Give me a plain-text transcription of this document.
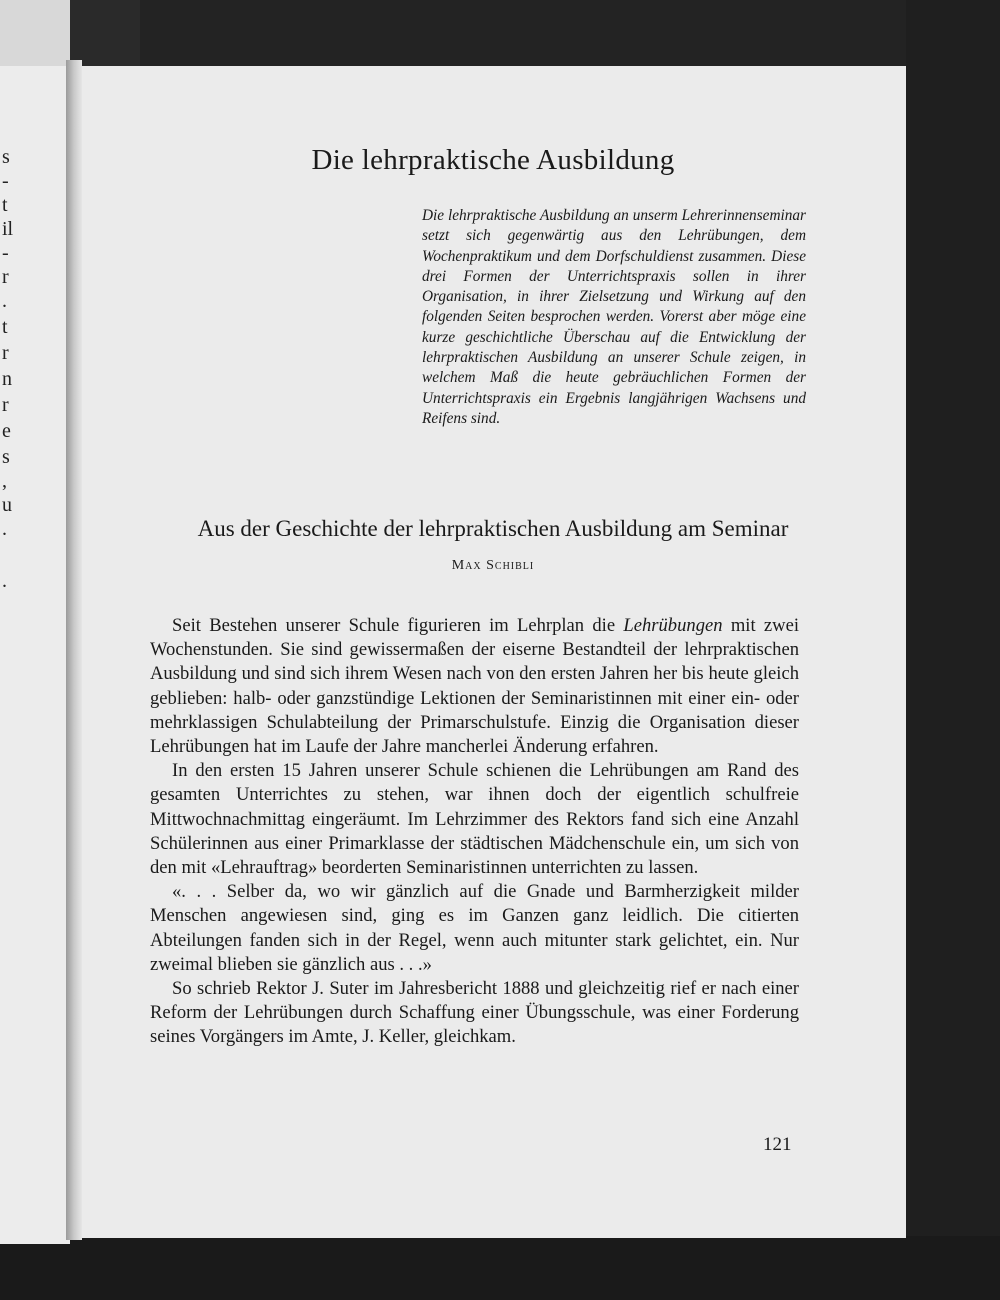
s
-
t
il
-
r
.
t
r
n
r
e
s
,
u
.
.
Die lehrpraktische Ausbildung

Die lehrpraktische Ausbildung an unserm Lehrerinnenseminar setzt sich gegenwärtig aus den Lehrübungen, dem Wochenpraktikum und dem Dorfschuldienst zusammen. Diese drei Formen der Unterrichtspraxis sollen in ihrer Organisation, in ihrer Zielsetzung und Wirkung auf den folgenden Seiten besprochen werden. Vorerst aber möge eine kurze geschichtliche Überschau auf die Entwicklung der lehrpraktischen Ausbildung an unserer Schule zeigen, in welchem Maß die heute gebräuchlichen Formen der Unterrichtspraxis ein Ergebnis langjährigen Wachsens und Reifens sind.

Aus der Geschichte der lehrpraktischen Ausbildung am Seminar
Max Schibli

Seit Bestehen unserer Schule figurieren im Lehrplan die Lehrübungen mit zwei Wochenstunden. Sie sind gewissermaßen der eiserne Bestandteil der lehrpraktischen Ausbildung und sind sich ihrem Wesen nach von den ersten Jahren her bis heute gleich geblieben: halb- oder ganzstündige Lektionen der Seminaristinnen mit einer ein- oder mehrklassigen Schulabteilung der Primarschulstufe. Einzig die Organisation dieser Lehrübungen hat im Laufe der Jahre mancherlei Änderung erfahren.

In den ersten 15 Jahren unserer Schule schienen die Lehrübungen am Rand des gesamten Unterrichtes zu stehen, war ihnen doch der eigentlich schulfreie Mittwochnachmittag eingeräumt. Im Lehrzimmer des Rektors fand sich eine Anzahl Schülerinnen aus einer Primarklasse der städtischen Mädchenschule ein, um sich von den mit «Lehrauftrag» beorderten Seminaristinnen unterrichten zu lassen.

«. . . Selber da, wo wir gänzlich auf die Gnade und Barmherzigkeit milder Menschen angewiesen sind, ging es im Ganzen ganz leidlich. Die citierten Abteilungen fanden sich in der Regel, wenn auch mitunter stark gelichtet, ein. Nur zweimal blieben sie gänzlich aus . . .»

So schrieb Rektor J. Suter im Jahresbericht 1888 und gleichzeitig rief er nach einer Reform der Lehrübungen durch Schaffung einer Übungsschule, was einer Forderung seines Vorgängers im Amte, J. Keller, gleichkam.

121
